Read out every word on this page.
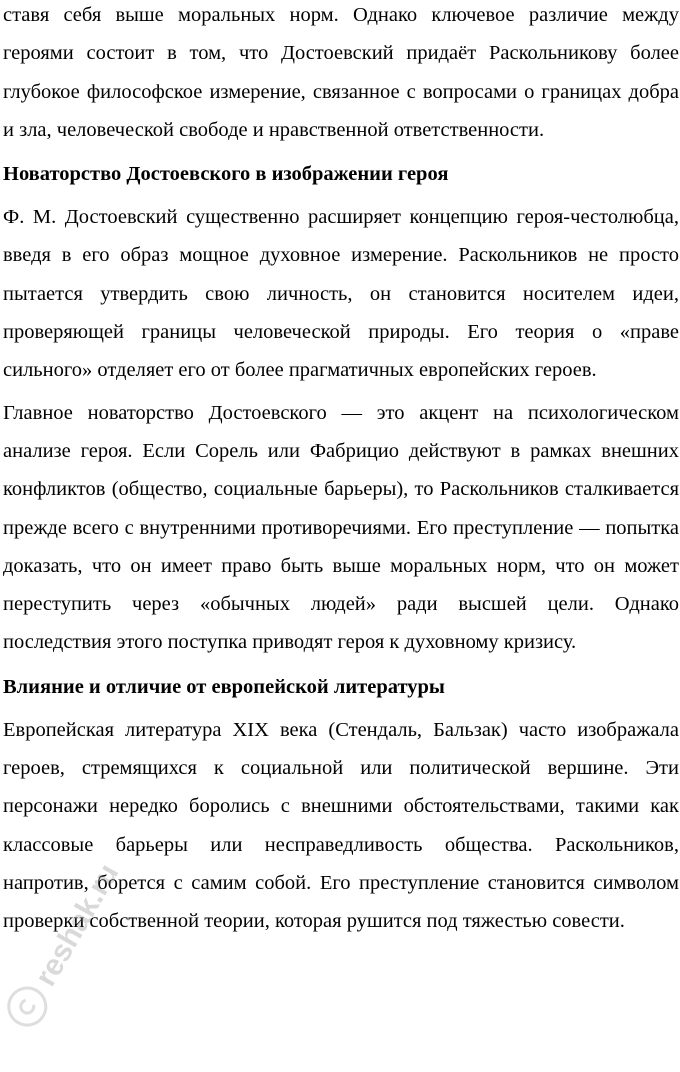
ставя себя выше моральных норм. Однако ключевое различие между героями состоит в том, что Достоевский придаёт Раскольникову более глубокое философское измерение, связанное с вопросами о границах добра и зла, человеческой свободе и нравственной ответственности.

Новаторство Достоевского в изображении героя

Ф. М. Достоевский существенно расширяет концепцию героя-честолюбца, введя в его образ мощное духовное измерение. Раскольников не просто пытается утвердить свою личность, он становится носителем идеи, проверяющей границы человеческой природы. Его теория о «праве сильного» отделяет его от более прагматичных европейских героев.

Главное новаторство Достоевского — это акцент на психологическом анализе героя. Если Сорель или Фабрицио действуют в рамках внешних конфликтов (общество, социальные барьеры), то Раскольников сталкивается прежде всего с внутренними противоречиями. Его преступление — попытка доказать, что он имеет право быть выше моральных норм, что он может переступить через «обычных людей» ради высшей цели. Однако последствия этого поступка приводят героя к духовному кризису.

Влияние и отличие от европейской литературы

Европейская литература XIX века (Стендаль, Бальзак) часто изображала героев, стремящихся к социальной или политической вершине. Эти персонажи нередко боролись с внешними обстоятельствами, такими как классовые барьеры или несправедливость общества. Раскольников, напротив, борется с самим собой. Его преступление становится символом проверки собственной теории, которая рушится под тяжестью совести.

reshak.ru
